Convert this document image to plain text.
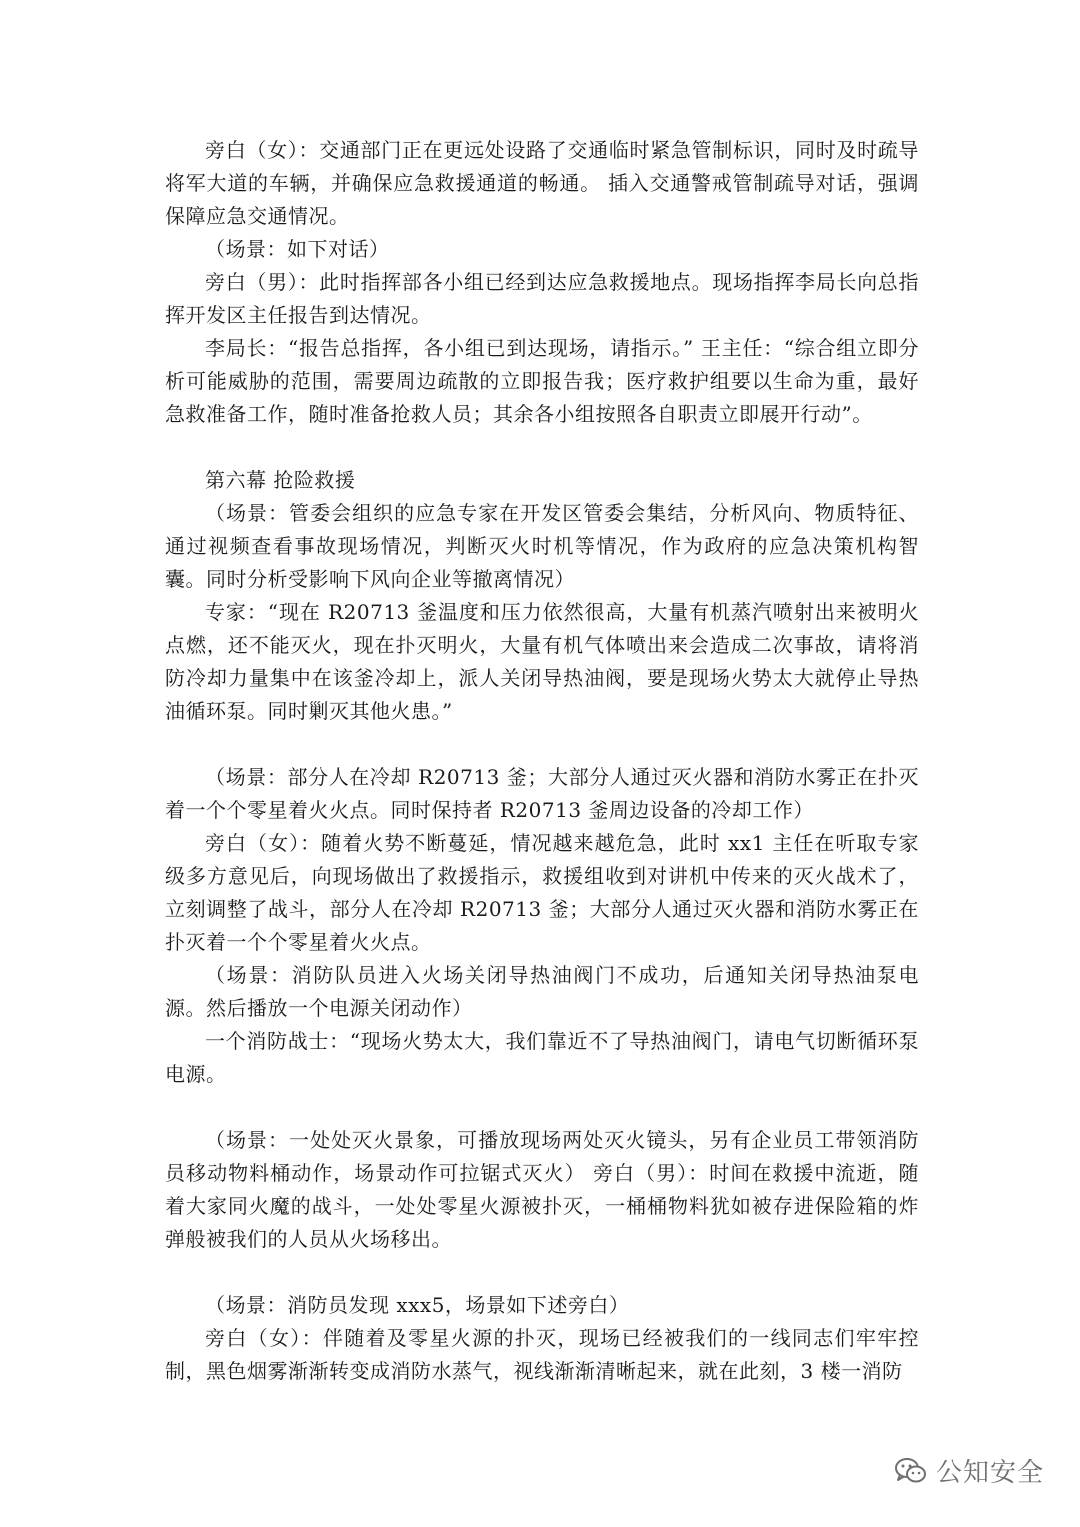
旁白（女）：交通部门正在更远处设路了交通临时紧急管制标识，同时及时疏导将军大道的车辆，并确保应急救援通道的畅通。 插入交通警戒管制疏导对话，强调保障应急交通情况。

（场景：如下对话）

旁白（男）：此时指挥部各小组已经到达应急救援地点。现场指挥李局长向总指挥开发区主任报告到达情况。

李局长：“报告总指挥，各小组已到达现场，请指示。” 王主任：“综合组立即分析可能威胁的范围，需要周边疏散的立即报告我；医疗救护组要以生命为重，最好急救准备工作，随时准备抢救人员；其余各小组按照各自职责立即展开行动”。

第六幕 抢险救援

（场景：管委会组织的应急专家在开发区管委会集结，分析风向、物质特征、通过视频查看事故现场情况，判断灭火时机等情况，作为政府的应急决策机构智囊。同时分析受影响下风向企业等撤离情况）

专家：“现在 R20713 釜温度和压力依然很高，大量有机蒸汽喷射出来被明火点燃，还不能灭火，现在扑灭明火，大量有机气体喷出来会造成二次事故，请将消防冷却力量集中在该釜冷却上，派人关闭导热油阀，要是现场火势太大就停止导热油循环泵。同时剿灭其他火患。”

（场景：部分人在冷却 R20713 釜；大部分人通过灭火器和消防水雾正在扑灭着一个个零星着火火点。同时保持者 R20713 釜周边设备的冷却工作）

旁白（女）：随着火势不断蔓延，情况越来越危急，此时 xx1 主任在听取专家级多方意见后，向现场做出了救援指示，救援组收到对讲机中传来的灭火战术了，立刻调整了战斗，部分人在冷却 R20713 釜；大部分人通过灭火器和消防水雾正在扑灭着一个个零星着火火点。

（场景：消防队员进入火场关闭导热油阀门不成功，后通知关闭导热油泵电源。然后播放一个电源关闭动作）

一个消防战士：“现场火势太大，我们靠近不了导热油阀门，请电气切断循环泵电源。

（场景：一处处灭火景象，可播放现场两处灭火镜头，另有企业员工带领消防员移动物料桶动作，场景动作可拉锯式灭火） 旁白（男）：时间在救援中流逝，随着大家同火魔的战斗，一处处零星火源被扑灭，一桶桶物料犹如被存进保险箱的炸弹般被我们的人员从火场移出。

（场景：消防员发现 xxx5，场景如下述旁白）

旁白（女）：伴随着及零星火源的扑灭，现场已经被我们的一线同志们牢牢控制，黑色烟雾渐渐转变成消防水蒸气，视线渐渐清晰起来，就在此刻，3 楼一消防

公知安全
